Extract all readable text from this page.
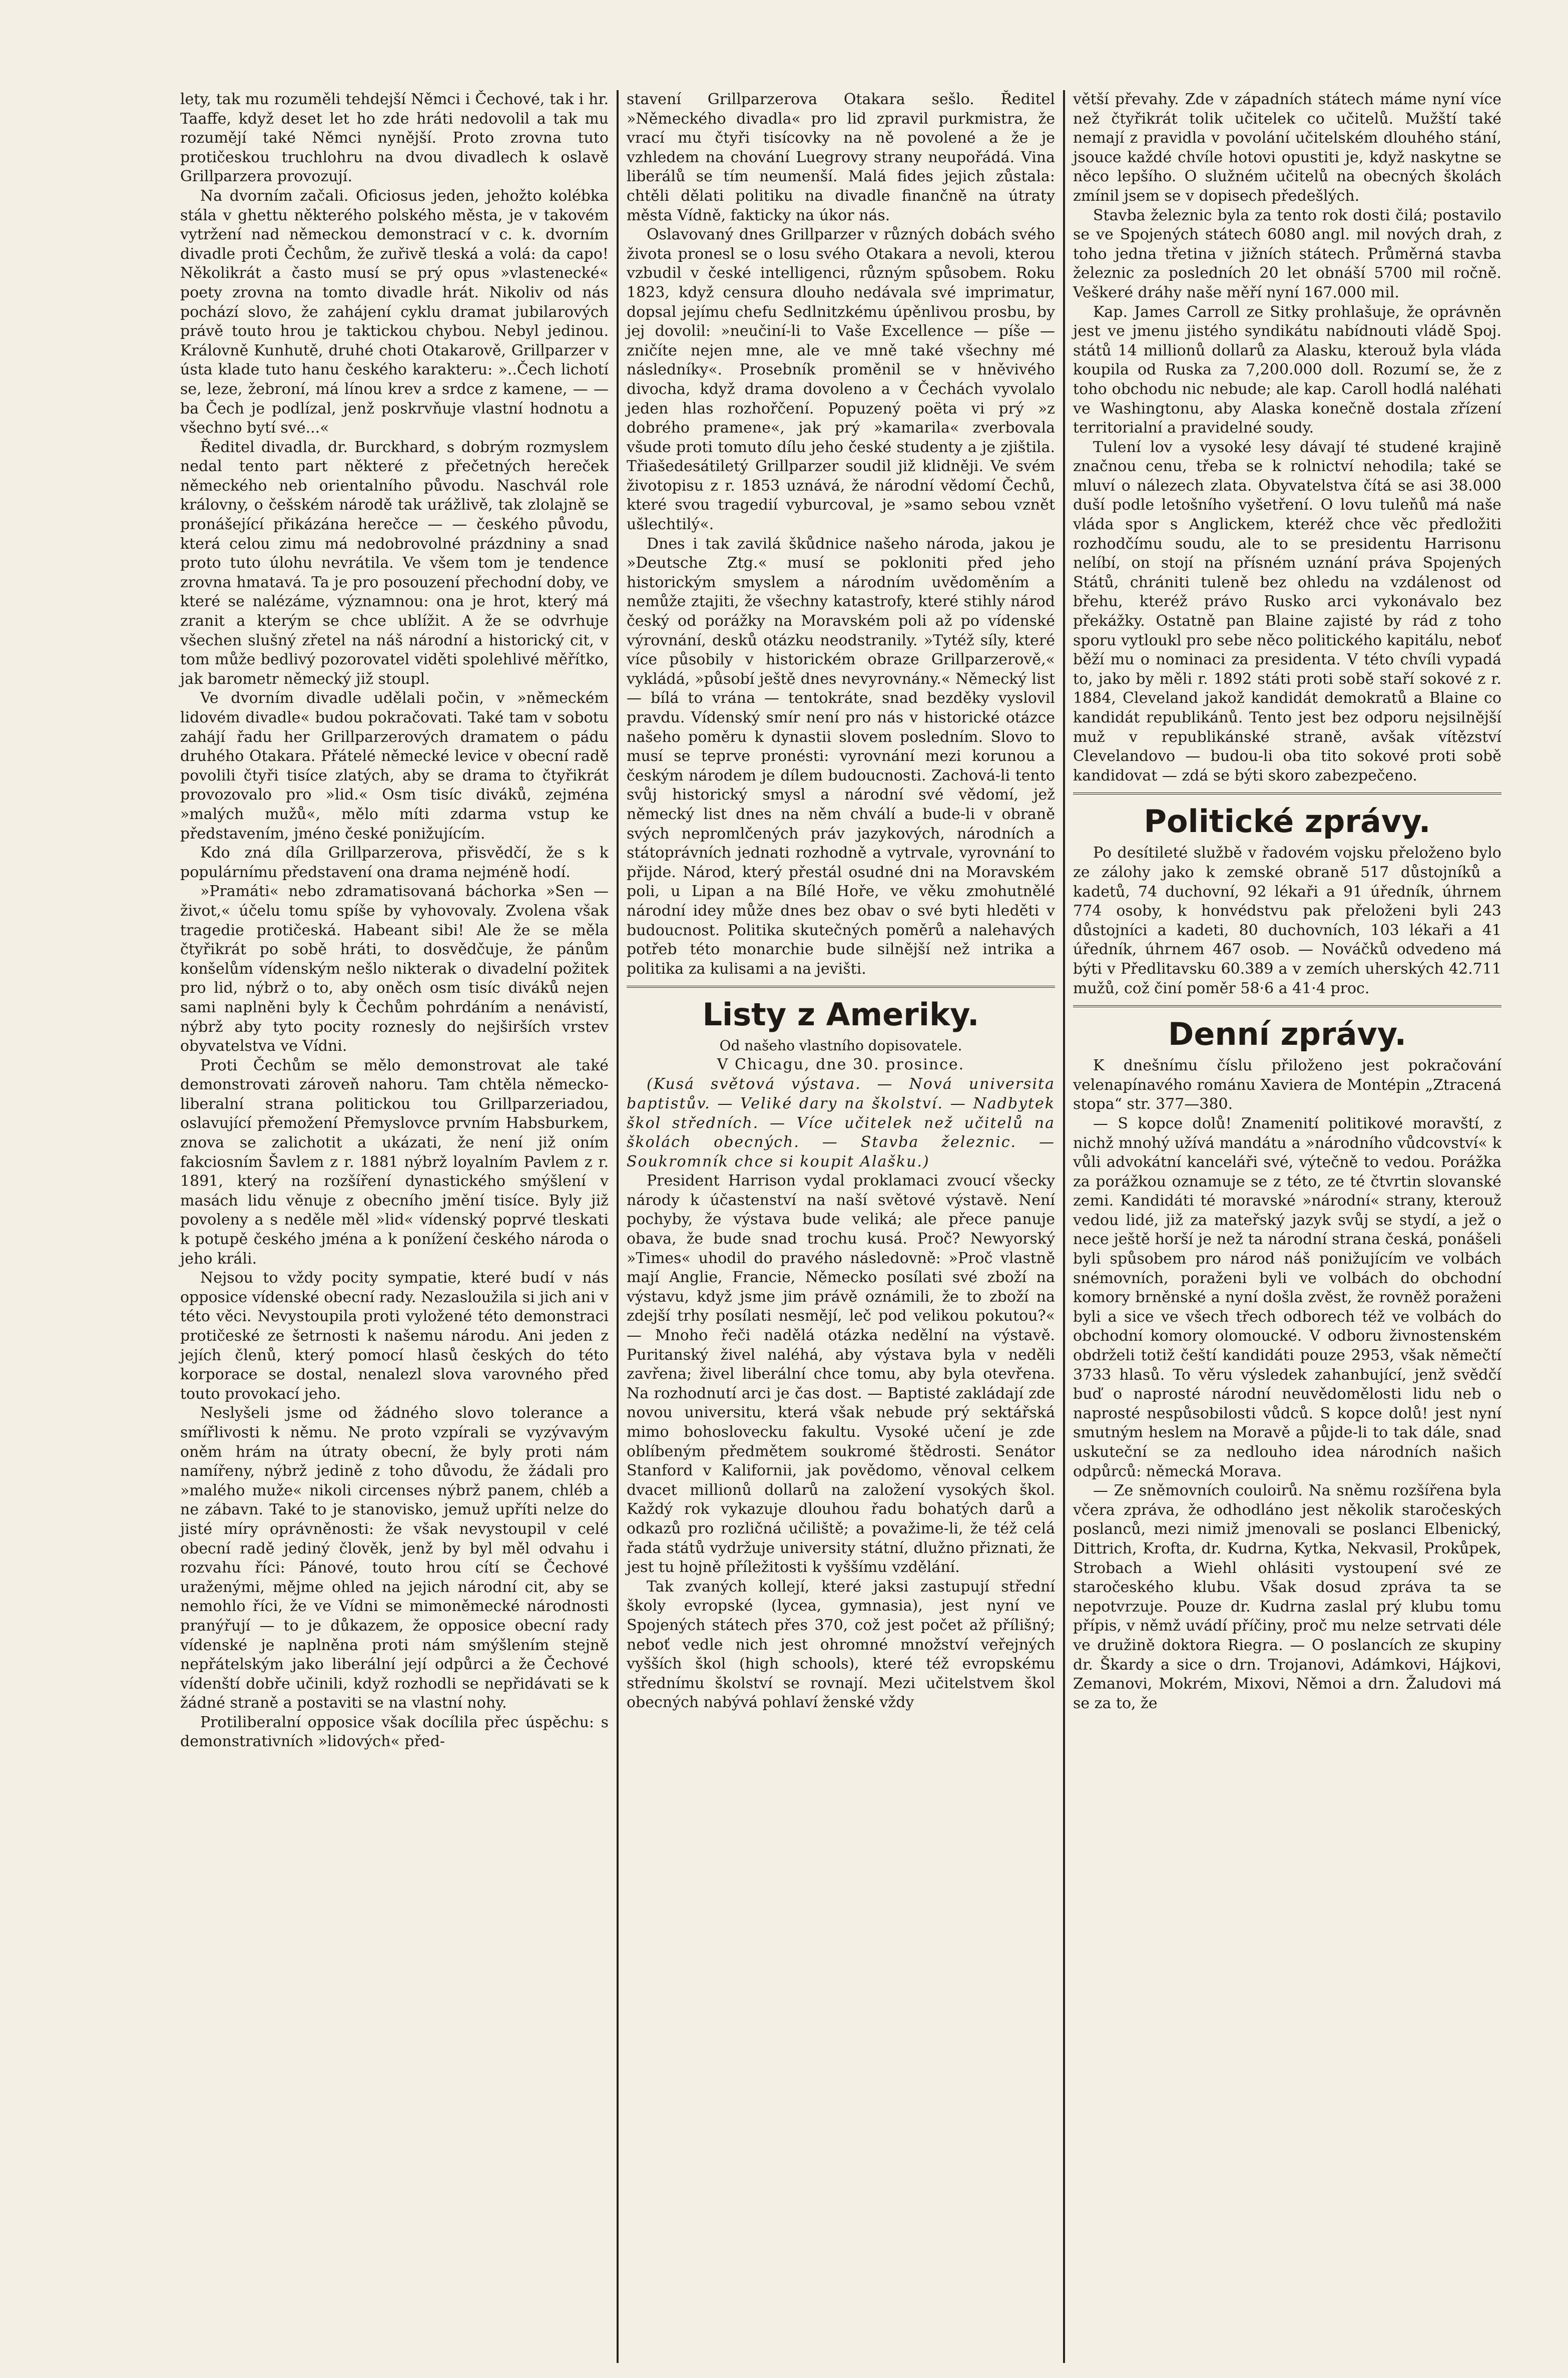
lety, tak mu rozuměli tehdejší Němci i Čechové, tak i hr. Taaffe, když deset let ho zde hráti nedovolil a tak mu rozumějí také Němci nynější. Proto zrovna tuto protičeskou truchlohru na dvou divadlech k oslavě Grillparzera provozují.

Na dvorním začali. Oficiosus jeden, jehožto kolébka stála v ghettu některého polského města, je v takovém vytržení nad německou demonstrací v c. k. dvorním divadle proti Čechům, že zuřivě tleská a volá: da capo! Několikrát a často musí se prý opus »vlastenecké« poety zrovna na tomto divadle hrát. Nikoliv od nás pochází slovo, že zahájení cyklu dramat jubilarových právě touto hrou je taktickou chybou. Nebyl jedinou. Královně Kunhutě, druhé choti Otakarově, Grillparzer v ústa klade tuto hanu českého karakteru: »..Čech lichotí se, leze, žebroní, má línou krev a srdce z kamene, — — ba Čech je podlízal, jenž poskrvňuje vlastní hodnotu a všechno bytí své...«

Ředitel divadla, dr. Burckhard, s dobrým rozmyslem nedal tento part některé z přečetných hereček německého neb orientalního původu. Naschvál role královny, o češském národě tak urážlivě, tak zlolajně se pronášející přikázána herečce — — českého původu, která celou zimu má nedobrovolné prázdniny a snad proto tuto úlohu nevrátila. Ve všem tom je tendence zrovna hmatavá. Ta je pro posouzení přechodní doby, ve které se nalézáme, významnou: ona je hrot, který má zranit a kterým se chce ublížit. A že se odvrhuje všechen slušný zřetel na náš národní a historický cit, v tom může bedlivý pozorovatel viděti spolehlivé měřítko, jak barometr německý již stoupl.

Ve dvorním divadle udělali počin, v »německém lidovém divadle« budou pokračovati. Také tam v sobotu zahájí řadu her Grillparzerových dramatem o pádu druhého Otakara. Přátelé německé levice v obecní radě povolili čtyři tisíce zlatých, aby se drama to čtyřikrát provozovalo pro »lid.« Osm tisíc diváků, zejména »malých mužů«, mělo míti zdarma vstup ke představením, jméno české ponižujícím.

Kdo zná díla Grillparzerova, přisvědčí, že s k populárnímu představení ona drama nejméně hodí.

»Pramáti« nebo zdramatisovaná báchorka »Sen — život,« účelu tomu spíše by vyhovovaly. Zvolena však tragedie protičeská. Habeant sibi! Ale že se měla čtyřikrát po sobě hráti, to dosvědčuje, že pánům konšelům vídenským nešlo nikterak o divadelní požitek pro lid, nýbrž o to, aby oněch osm tisíc diváků nejen sami naplněni byly k Čechům pohrdáním a nenávistí, nýbrž aby tyto pocity roznesly do nejširších vrstev obyvatelstva ve Vídni.

Proti Čechům se mělo demonstrovat ale také demonstrovati zároveň nahoru. Tam chtěla německo-liberalní strana politickou tou Grillparzeriadou, oslavující přemožení Přemyslovce prvním Habsburkem, znova se zalichotit a ukázati, že není již oním fakciosním Šavlem z r. 1881 nýbrž loyalním Pavlem z r. 1891, který na rozšíření dynastického smýšlení v masách lidu věnuje z obecního jmění tisíce. Byly již povoleny a s neděle měl »lid« vídenský poprvé tleskati k potupě českého jména a k ponížení českého národa o jeho králi.

Nejsou to vždy pocity sympatie, které budí v nás opposice vídenské obecní rady. Nezasloužila si jich ani v této věci. Nevystoupila proti vyložené této demonstraci protičeské ze šetrnosti k našemu národu. Ani jeden z jejích členů, který pomocí hlasů českých do této korporace se dostal, nenalezl slova varovného před touto provokací jeho.

Neslyšeli jsme od žádného slovo tolerance a smířlivosti k němu. Ne proto vzpírali se vyzývavým oněm hrám na útraty obecní, že byly proti nám namířeny, nýbrž jedině z toho důvodu, že žádali pro »malého muže« nikoli circenses nýbrž panem, chléb a ne zábavn. Také to je stanovisko, jemuž upříti nelze do jisté míry oprávněnosti: že však nevystoupil v celé obecní radě jediný člověk, jenž by byl měl odvahu i rozvahu říci: Pánové, touto hrou cítí se Čechové uraženými, mějme ohled na jejich národní cit, aby se nemohlo říci, že ve Vídni se mimoněmecké národnosti pranýřují — to je důkazem, že opposice obecní rady vídenské je naplněna proti nám smýšlením stejně nepřátelským jako liberální její odpůrci a že Čechové vídenští dobře učinili, když rozhodli se nepřidávati se k žádné straně a postaviti se na vlastní nohy.

Protiliberalní opposice však docílila přec úspěchu: s demonstrativních »lidových« před-

stavení Grillparzerova Otakara sešlo. Ředitel »Německého divadla« pro lid zpravil purkmistra, že vrací mu čtyři tisícovky na ně povolené a že je vzhledem na chování Luegrovy strany neupořádá. Vina liberálů se tím neumenší. Malá fides jejich zůstala: chtěli dělati politiku na divadle finančně na útraty města Vídně, fakticky na úkor nás.

Oslavovaný dnes Grillparzer v různých dobách svého života pronesl se o losu svého Otakara a nevoli, kterou vzbudil v české intelligenci, různým spůsobem. Roku 1823, když censura dlouho nedávala své imprimatur, dopsal jejímu chefu Sedlnitzkému úpěnlivou prosbu, by jej dovolil: »neučiní-li to Vaše Excellence — píše — zničíte nejen mne, ale ve mně také všechny mé následníky«. Prosebník proměnil se v hněvivého divocha, když drama dovoleno a v Čechách vyvolalo jeden hlas rozhořčení. Popuzený poëta vi prý »z dobrého pramene«, jak prý »kamarila« zverbovala všude proti tomuto dílu jeho české studenty a je zjištila. Třiašedesátiletý Grillparzer soudil již klidněji. Ve svém životopisu z r. 1853 uznává, že národní vědomí Čechů, které svou tragedií vyburcoval, je »samo sebou vznět ušlechtilý«.

Dnes i tak zavilá škůdnice našeho národa, jakou je »Deutsche Ztg.« musí se pokloniti před jeho historickým smyslem a národním uvědoměním a nemůže ztajiti, že všechny katastrofy, které stihly národ český od porážky na Moravském poli až po vídenské výrovnání, desků otázku neodstranily. »Tytéž síly, které více působily v historickém obraze Grillparzerově,« vykládá, »působí ještě dnes nevyrovnány.« Německý list — bílá to vrána — tentokráte, snad bezděky vyslovil pravdu. Vídenský smír není pro nás v historické otázce našeho poměru k dynastii slovem posledním. Slovo to musí se teprve pronésti: vyrovnání mezi korunou a českým národem je dílem budoucnosti. Zachová-li tento svůj historický smysl a národní své vědomí, jež německý list dnes na něm chválí a bude-li v obraně svých nepromlčených práv jazykových, národních a státoprávních jednati rozhodně a vytrvale, vyrovnání to přijde. Národ, který přestál osudné dni na Moravském poli, u Lipan a na Bílé Hoře, ve věku zmohutnělé národní idey může dnes bez obav o své byti hleděti v budoucnost. Politika skutečných poměrů a nalehavých potřeb této monarchie bude silnější než intrika a politika za kulisami a na jevišti.

Listy z Ameriky.
Od našeho vlastního dopisovatele.
V Chicagu, dne 30. prosince.

(Kusá světová výstava. — Nová universita baptistův. — Veliké dary na školství. — Nadbytek škol středních. — Více učitelek než učitelů na školách obecných. — Stavba železnic. — Soukromník chce si koupit Alašku.)

President Harrison vydal proklamaci zvoucí všecky národy k účastenství na naší světové výstavě. Není pochyby, že výstava bude veliká; ale přece panuje obava, že bude snad trochu kusá. Proč? Newyorský »Times« uhodil do pravého následovně: »Proč vlastně mají Anglie, Francie, Německo posílati své zboží na výstavu, když jsme jim právě oznámili, že to zboží na zdejší trhy posílati nesmějí, leč pod velikou pokutou?« — Mnoho řeči nadělá otázka nedělní na výstavě. Puritanský živel naléhá, aby výstava byla v neděli zavřena; živel liberální chce tomu, aby byla otevřena. Na rozhodnutí arci je čas dost. — Baptisté zakládají zde novou universitu, která však nebude prý sektářská mimo bohoslovecku fakultu. Vysoké učení je zde oblíbeným předmětem soukromé štědrosti. Senátor Stanford v Kalifornii, jak povědomo, věnoval celkem dvacet millionů dollarů na založení vysokých škol. Každý rok vykazuje dlouhou řadu bohatých darů a odkazů pro rozličná učiliště; a považime-li, že též celá řada států vydržuje university státní, dlužno přiznati, že jest tu hojně příležitosti k vyššímu vzdělání.

Tak zvaných kollejí, které jaksi zastupují střední školy evropské (lycea, gymnasia), jest nyní ve Spojených státech přes 370, což jest počet až přílišný; neboť vedle nich jest ohromné množství veřejných vyšších škol (high schools), které též evropskému střednímu školství se rovnají. Mezi učitelstvem škol obecných nabývá pohlaví ženské vždy

větší převahy. Zde v západních státech máme nyní více než čtyřikrát tolik učitelek co učitelů. Mužští také nemají z pravidla v povolání učitelském dlouhého stání, jsouce každé chvíle hotovi opustiti je, když naskytne se něco lepšího. O služném učitelů na obecných školách zmínil jsem se v dopisech předešlých.

Stavba železnic byla za tento rok dosti čilá; postavilo se ve Spojených státech 6080 angl. mil nových drah, z toho jedna třetina v jižních státech. Průměrná stavba železnic za posledních 20 let obnáší 5700 mil ročně. Veškeré dráhy naše měří nyní 167.000 mil.

Kap. James Carroll ze Sitky prohlašuje, že oprávněn jest ve jmenu jistého syndikátu nabídnouti vládě Spoj. států 14 millionů dollarů za Alasku, kterouž byla vláda koupila od Ruska za 7,200.000 doll. Rozumí se, že z toho obchodu nic nebude; ale kap. Caroll hodlá naléhati ve Washingtonu, aby Alaska konečně dostala zřízení territorialní a pravidelné soudy.

Tulení lov a vysoké lesy dávají té studené krajině značnou cenu, třeba se k rolnictví nehodila; také se mluví o nálezech zlata. Obyvatelstva čítá se asi 38.000 duší podle letošního vyšetření. O lovu tuleňů má naše vláda spor s Anglickem, kteréž chce věc předložiti rozhodčímu soudu, ale to se presidentu Harrisonu nelíbí, on stojí na přísném uznání práva Spojených Států, chrániti tuleně bez ohledu na vzdálenost od břehu, kteréž právo Rusko arci vykonávalo bez překážky. Ostatně pan Blaine zajisté by rád z toho sporu vytloukl pro sebe něco politického kapitálu, neboť běží mu o nominaci za presidenta. V této chvíli vypadá to, jako by měli r. 1892 státi proti sobě staří sokové z r. 1884, Cleveland jakož kandidát demokratů a Blaine co kandidát republikánů. Tento jest bez odporu nejsilnější muž v republikánské straně, avšak vítězství Clevelandovo — budou-li oba tito sokové proti sobě kandidovat — zdá se býti skoro zabezpečeno.

Politické zprávy.

Po desítileté službě v řadovém vojsku přeloženo bylo ze zálohy jako k zemské obraně 517 důstojníků a kadetů, 74 duchovní, 92 lékaři a 91 úředník, úhrnem 774 osoby, k honvédstvu pak přeloženi byli 243 důstojníci a kadeti, 80 duchovních, 103 lékaři a 41 úředník, úhrnem 467 osob. — Nováčků odvedeno má býti v Předlitavsku 60.389 a v zemích uherských 42.711 mužů, což činí poměr 58·6 a 41·4 proc.

Denní zprávy.

K dnešnímu číslu přiloženo jest pokračování velenapínavého románu Xaviera de Montépin „Ztracená stopa“ str. 377—380.

— S kopce dolů! Znamenití politikové moravští, z nichž mnohý užívá mandátu a »národního vůdcovství« k vůli advokátní kanceláři své, výtečně to vedou. Porážka za porážkou oznamuje se z této, ze té čtvrtin slovanské zemi. Kandidáti té moravské »národní« strany, kterouž vedou lidé, již za mateřský jazyk svůj se stydí, a jež o nece ještě horší je než ta národní strana česká, ponášeli byli spůsobem pro národ náš ponižujícím ve volbách snémovních, poraženi byli ve volbách do obchodní komory brněnské a nyní došla zvěst, že rovněž poraženi byli a sice ve všech třech odborech též ve volbách do obchodní komory olomoucké. V odboru živnostenském obdrželi totiž čeští kandidáti pouze 2953, však němečtí 3733 hlasů. To věru výsledek zahanbující, jenž svědčí buď o naprosté národní neuvědomělosti lidu neb o naprosté nespůsobilosti vůdců. S kopce dolů! jest nyní smutným heslem na Moravě a půjde-li to tak dále, snad uskuteční se za nedlouho idea národních našich odpůrců: německá Morava.

— Ze sněmovních couloirů. Na sněmu rozšířena byla včera zpráva, že odhodláno jest několik staročeských poslanců, mezi nimiž jmenovali se poslanci Elbenický, Dittrich, Krofta, dr. Kudrna, Kytka, Nekvasil, Prokůpek, Strobach a Wiehl ohlásiti vystoupení své ze staročeského klubu. Však dosud zpráva ta se nepotvrzuje. Pouze dr. Kudrna zaslal prý klubu tomu přípis, v němž uvádí příčiny, proč mu nelze setrvati déle ve družině doktora Riegra. — O poslancích ze skupiny dr. Škardy a sice o drn. Trojanovi, Adámkovi, Hájkovi, Zemanovi, Mokrém, Mixovi, Němoi a drn. Žaludovi má se za to, že
